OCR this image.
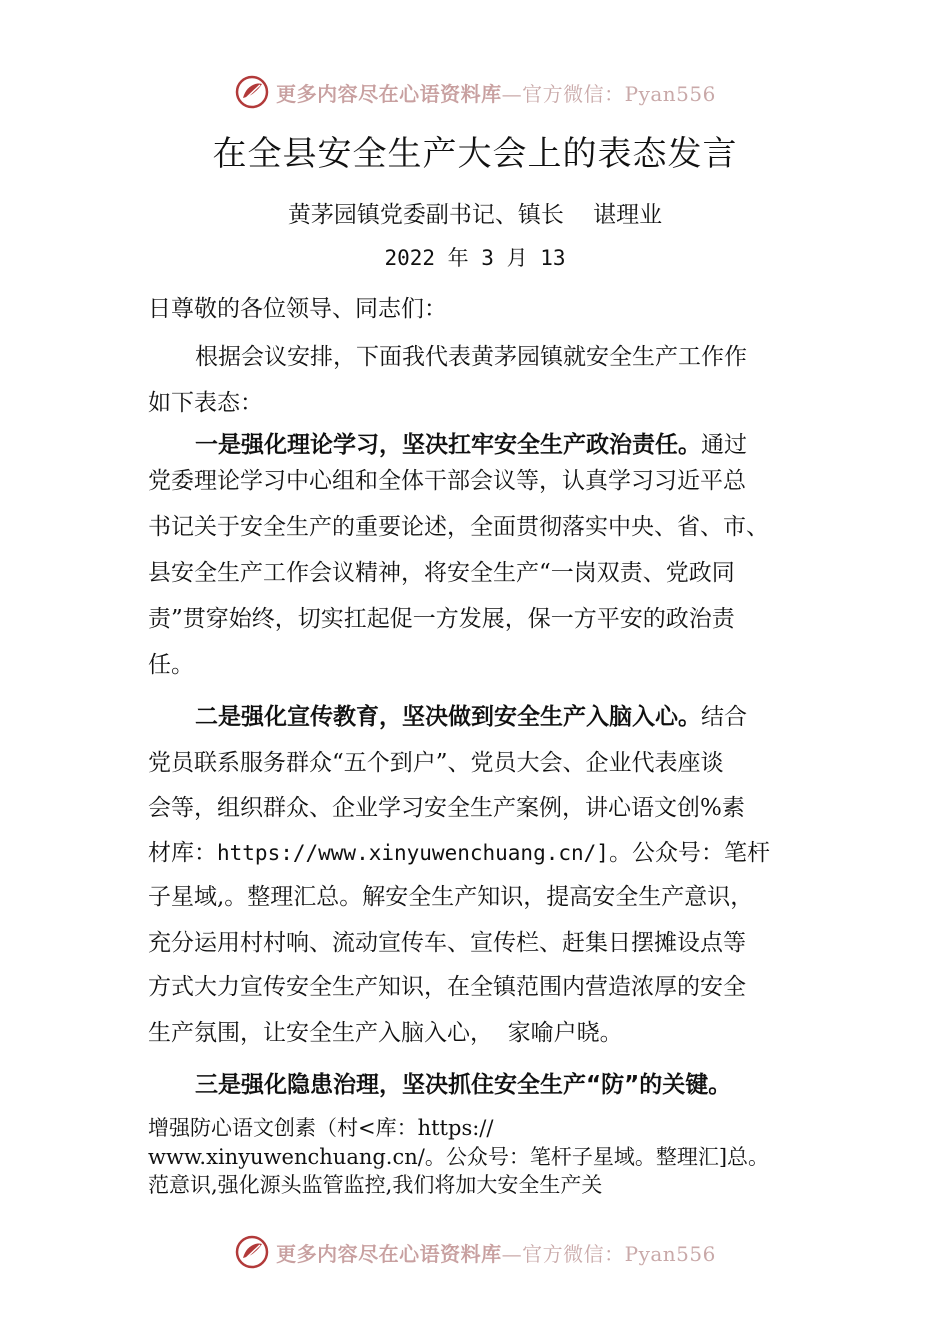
更多内容尽在心语资料库—官方微信：Pyan556
在全县安全生产大会上的表态发言
黄茅园镇党委副书记、镇长    谌理业
2022 年 3 月 13
日尊敬的各位领导、同志们：
根据会议安排，下面我代表黄茅园镇就安全生产工作作
如下表态：
一是强化理论学习，坚决扛牢安全生产政治责任。通过
党委理论学习中心组和全体干部会议等，认真学习习近平总
书记关于安全生产的重要论述，全面贯彻落实中央、省、市、
县安全生产工作会议精神，将安全生产“一岗双责、党政同
责”贯穿始终，切实扛起促一方发展，保一方平安的政治责
任。
二是强化宣传教育，坚决做到安全生产入脑入心。结合
党员联系服务群众“五个到户”、党员大会、企业代表座谈
会等，组织群众、企业学习安全生产案例，讲心语文创%素
材库：https://www.xinyuwenchuang.cn/]。公众号：笔杆
子星域,。整理汇总。解安全生产知识，提高安全生产意识，
充分运用村村响、流动宣传车、宣传栏、赶集日摆摊设点等
方式大力宣传安全生产知识，在全镇范围内营造浓厚的安全
生产氛围，让安全生产入脑入心，  家喻户晓。
三是强化隐患治理，坚决抓住安全生产“防”的关键。
增强防心语文创素（村<库：https://
www.xinyuwenchuang.cn/。公众号：笔杆子星域。整理汇]总。
范意识,强化源头监管监控,我们将加大安全生产关
更多内容尽在心语资料库—官方微信：Pyan556
